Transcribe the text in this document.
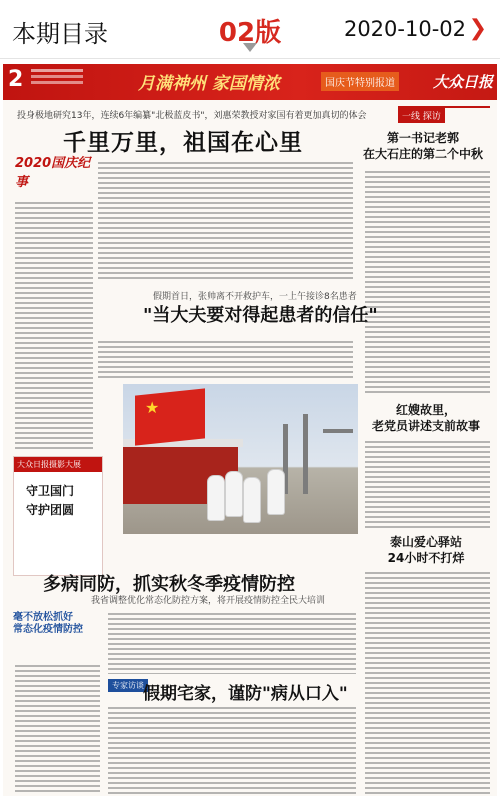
本期目录	02版	2020-10-02 ❯
2	月满神州 家国情浓	国庆节特别报道	大众日报
投身极地研究13年，连续6年编纂"北极蓝皮书"，刘惠荣教授对家国有着更加真切的体会
千里万里，祖国在心里
2020国庆纪事
一线 探访
第一书记老郭
在大石庄的第二个中秋
假期首日，张帅离不开救护车，一上午接诊8名患者
"当大夫要对得起患者的信任"
★
大众日报摄影大展
守卫国门
守护团圆
红嫂故里，
老党员讲述支前故事
泰山爱心驿站
24小时不打烊
多病同防，抓实秋冬季疫情防控
我省调整优化常态化防控方案，将开展疫情防控全民大培训
毫不放松抓好
常态化疫情防控
专家访谈 假期宅家，谨防"病从口入"
